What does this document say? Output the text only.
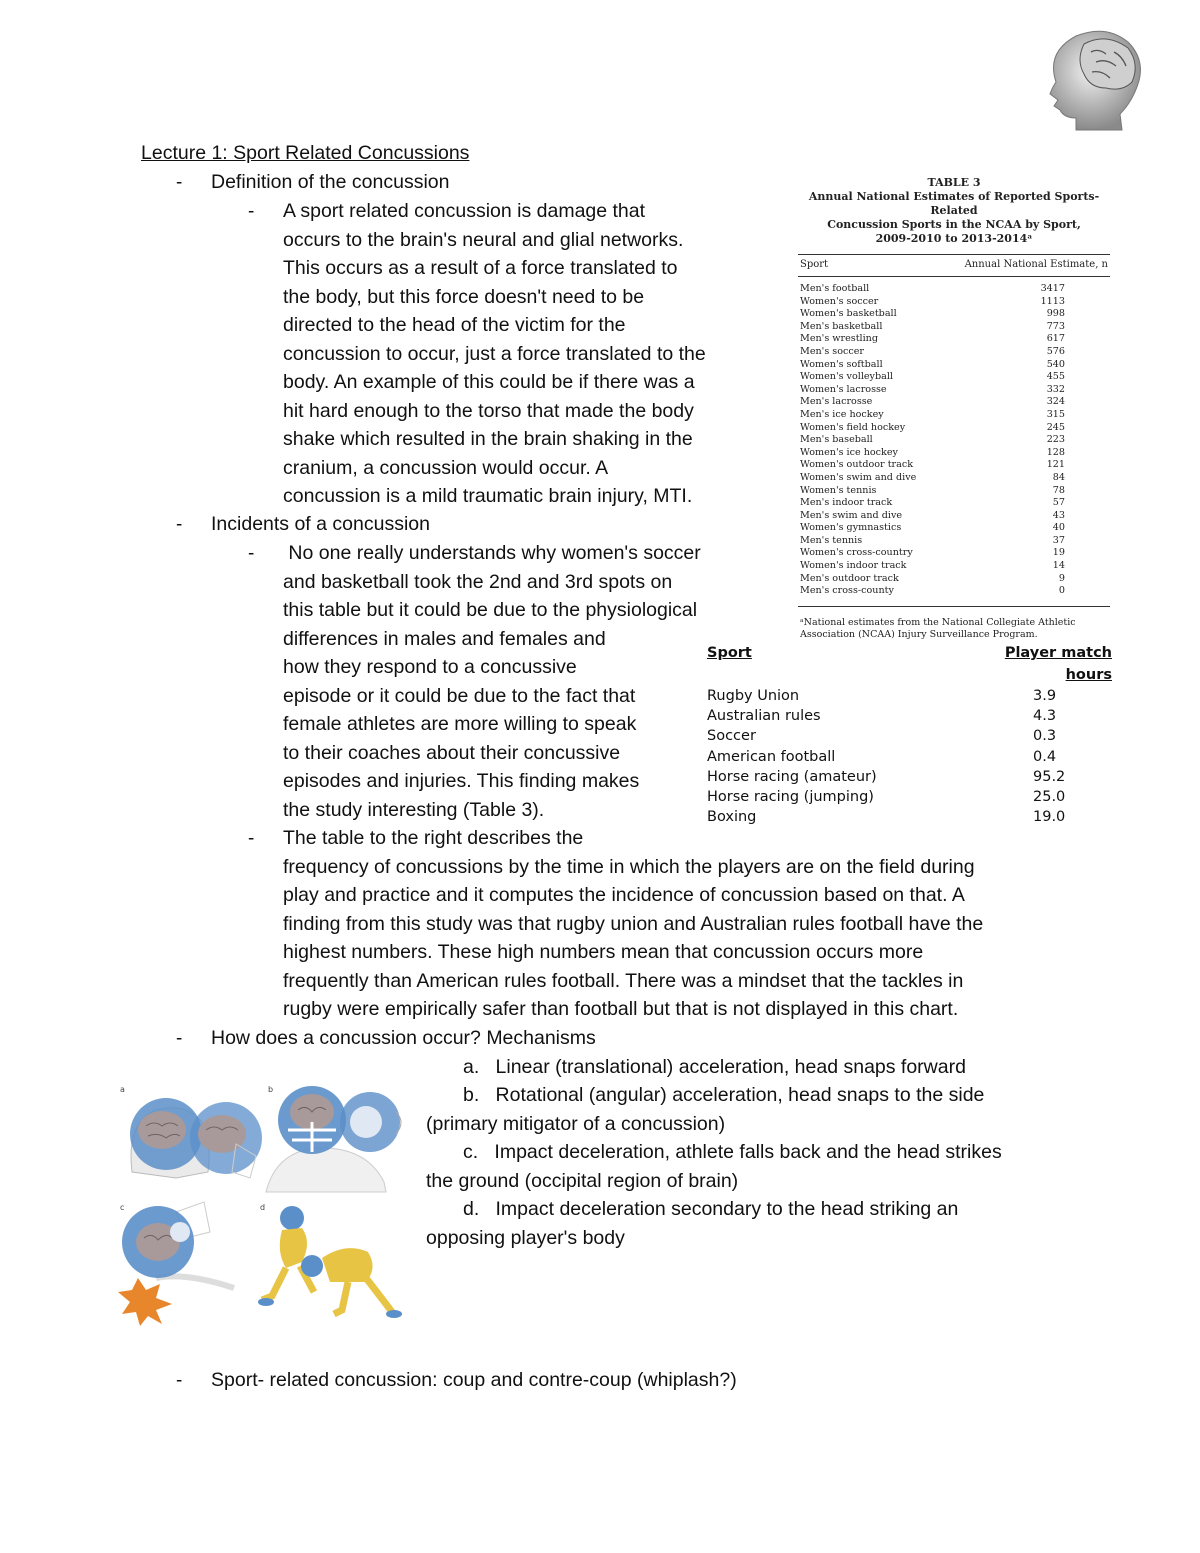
Lecture 1: Sport Related Concussions
- Definition of the concussion
- A sport related concussion is damage that
occurs to the brain's neural and glial networks.
This occurs as a result of a force translated to
the body, but this force doesn't need to be
directed to the head of the victim for the
concussion to occur, just a force translated to the
body. An example of this could be if there was a
hit hard enough to the torso that made the body
shake which resulted in the brain shaking in the
cranium, a concussion would occur. A
concussion is a mild traumatic brain injury, MTI.
- Incidents of a concussion
- No one really understands why women's soccer
and basketball took the 2nd and 3rd spots on
this table but it could be due to the physiological
differences in males and females and
how they respond to a concussive
episode or it could be due to the fact that
female athletes are more willing to speak
to their coaches about their concussive
episodes and injuries. This finding makes
the study interesting (Table 3).
- The table to the right describes the
frequency of concussions by the time in which the players are on the field during
play and practice and it computes the incidence of concussion based on that. A
finding from this study was that rugby union and Australian rules football have the
highest numbers. These high numbers mean that concussion occurs more
frequently than American rules football. There was a mindset that the tackles in
rugby were empirically safer than football but that is not displayed in this chart.
- How does a concussion occur? Mechanisms
a.   Linear (translational) acceleration, head snaps forward
b.   Rotational (angular) acceleration, head snaps to the side
(primary mitigator of a concussion)
c.   Impact deceleration, athlete falls back and the head strikes
the ground (occipital region of brain)
d.   Impact deceleration secondary to the head striking an
opposing player's body
- Sport- related concussion: coup and contre-coup (whiplash?)
TABLE 3
Annual National Estimates of Reported Sports-Related
Concussion Sports in the NCAA by Sport,
2009-2010 to 2013-2014ᵃ
Sport	Annual National Estimate, n
Men's football	3417
Women's soccer	1113
Women's basketball	998
Men's basketball	773
Men's wrestling	617
Men's soccer	576
Women's softball	540
Women's volleyball	455
Women's lacrosse	332
Men's lacrosse	324
Men's ice hockey	315
Women's field hockey	245
Men's baseball	223
Women's ice hockey	128
Women's outdoor track	121
Women's swim and dive	84
Women's tennis	78
Men's indoor track	57
Men's swim and dive	43
Women's gymnastics	40
Men's tennis	37
Women's cross-country	19
Women's indoor track	14
Men's outdoor track	9
Men's cross-county	0
ᵃNational estimates from the National Collegiate Athletic Association (NCAA) Injury Surveillance Program.
Sport	Player match hours
Rugby Union	3.9
Australian rules	4.3
Soccer	0.3
American football	0.4
Horse racing (amateur)	95.2
Horse racing (jumping)	25.0
Boxing	19.0
a	b
c	d
